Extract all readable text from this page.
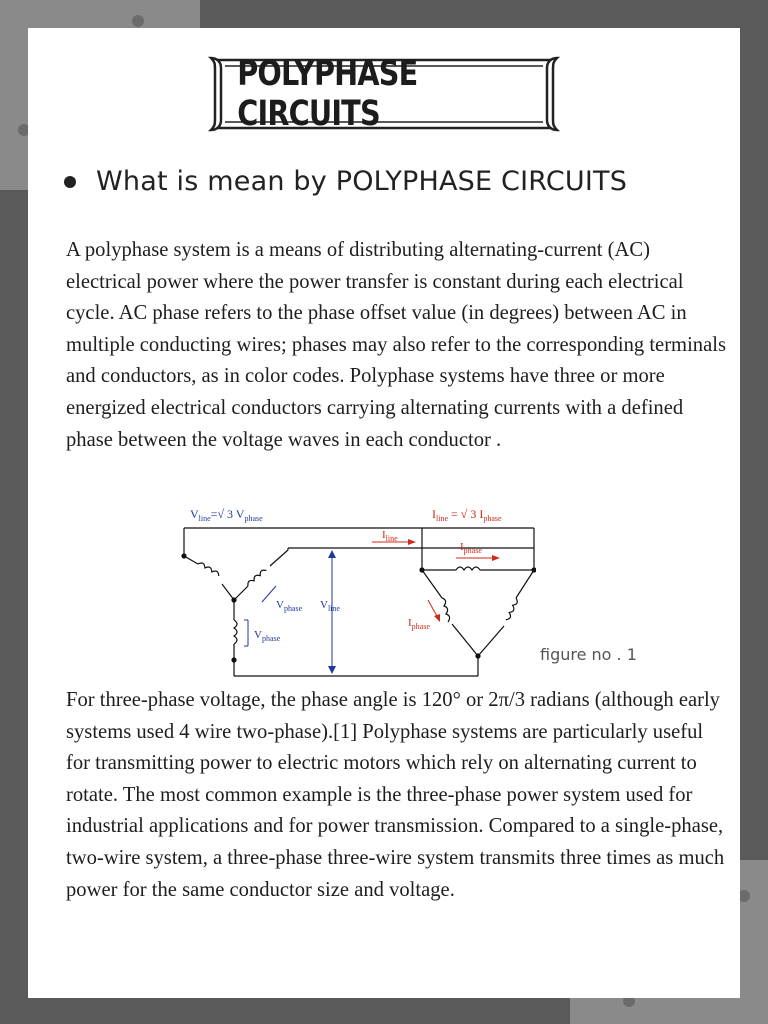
POLYPHASE CIRCUITS
What is mean by POLYPHASE CIRCUITS

A polyphase system is a means of distributing alternating-current (AC) electrical power where the power transfer is constant during each electrical cycle. AC phase refers to the phase offset value (in degrees) between AC in multiple conducting wires; phases may also refer to the corresponding terminals and conductors, as in color codes. Polyphase systems have three or more energized electrical conductors carrying alternating currents with a defined phase between the voltage waves in each conductor .

$V_{line}=√$ 3 $V_{phase}$
$V_{phase}$ $V_{line}$
$V_{phase}$
$I_{line}$ = √ 3 $I_{phase}$
$I_{line}$
$I_{phase}$
$I_{phase}$
figure no . 1

For three-phase voltage, the phase angle is 120° or 2π/3 radians (although early systems used 4 wire two-phase).[1] Polyphase systems are particularly useful for transmitting power to electric motors which rely on alternating current to rotate. The most common example is the three-phase power system used for industrial applications and for power transmission. Compared to a single-phase, two-wire system, a three-phase three-wire system transmits three times as much power for the same conductor size and voltage.
